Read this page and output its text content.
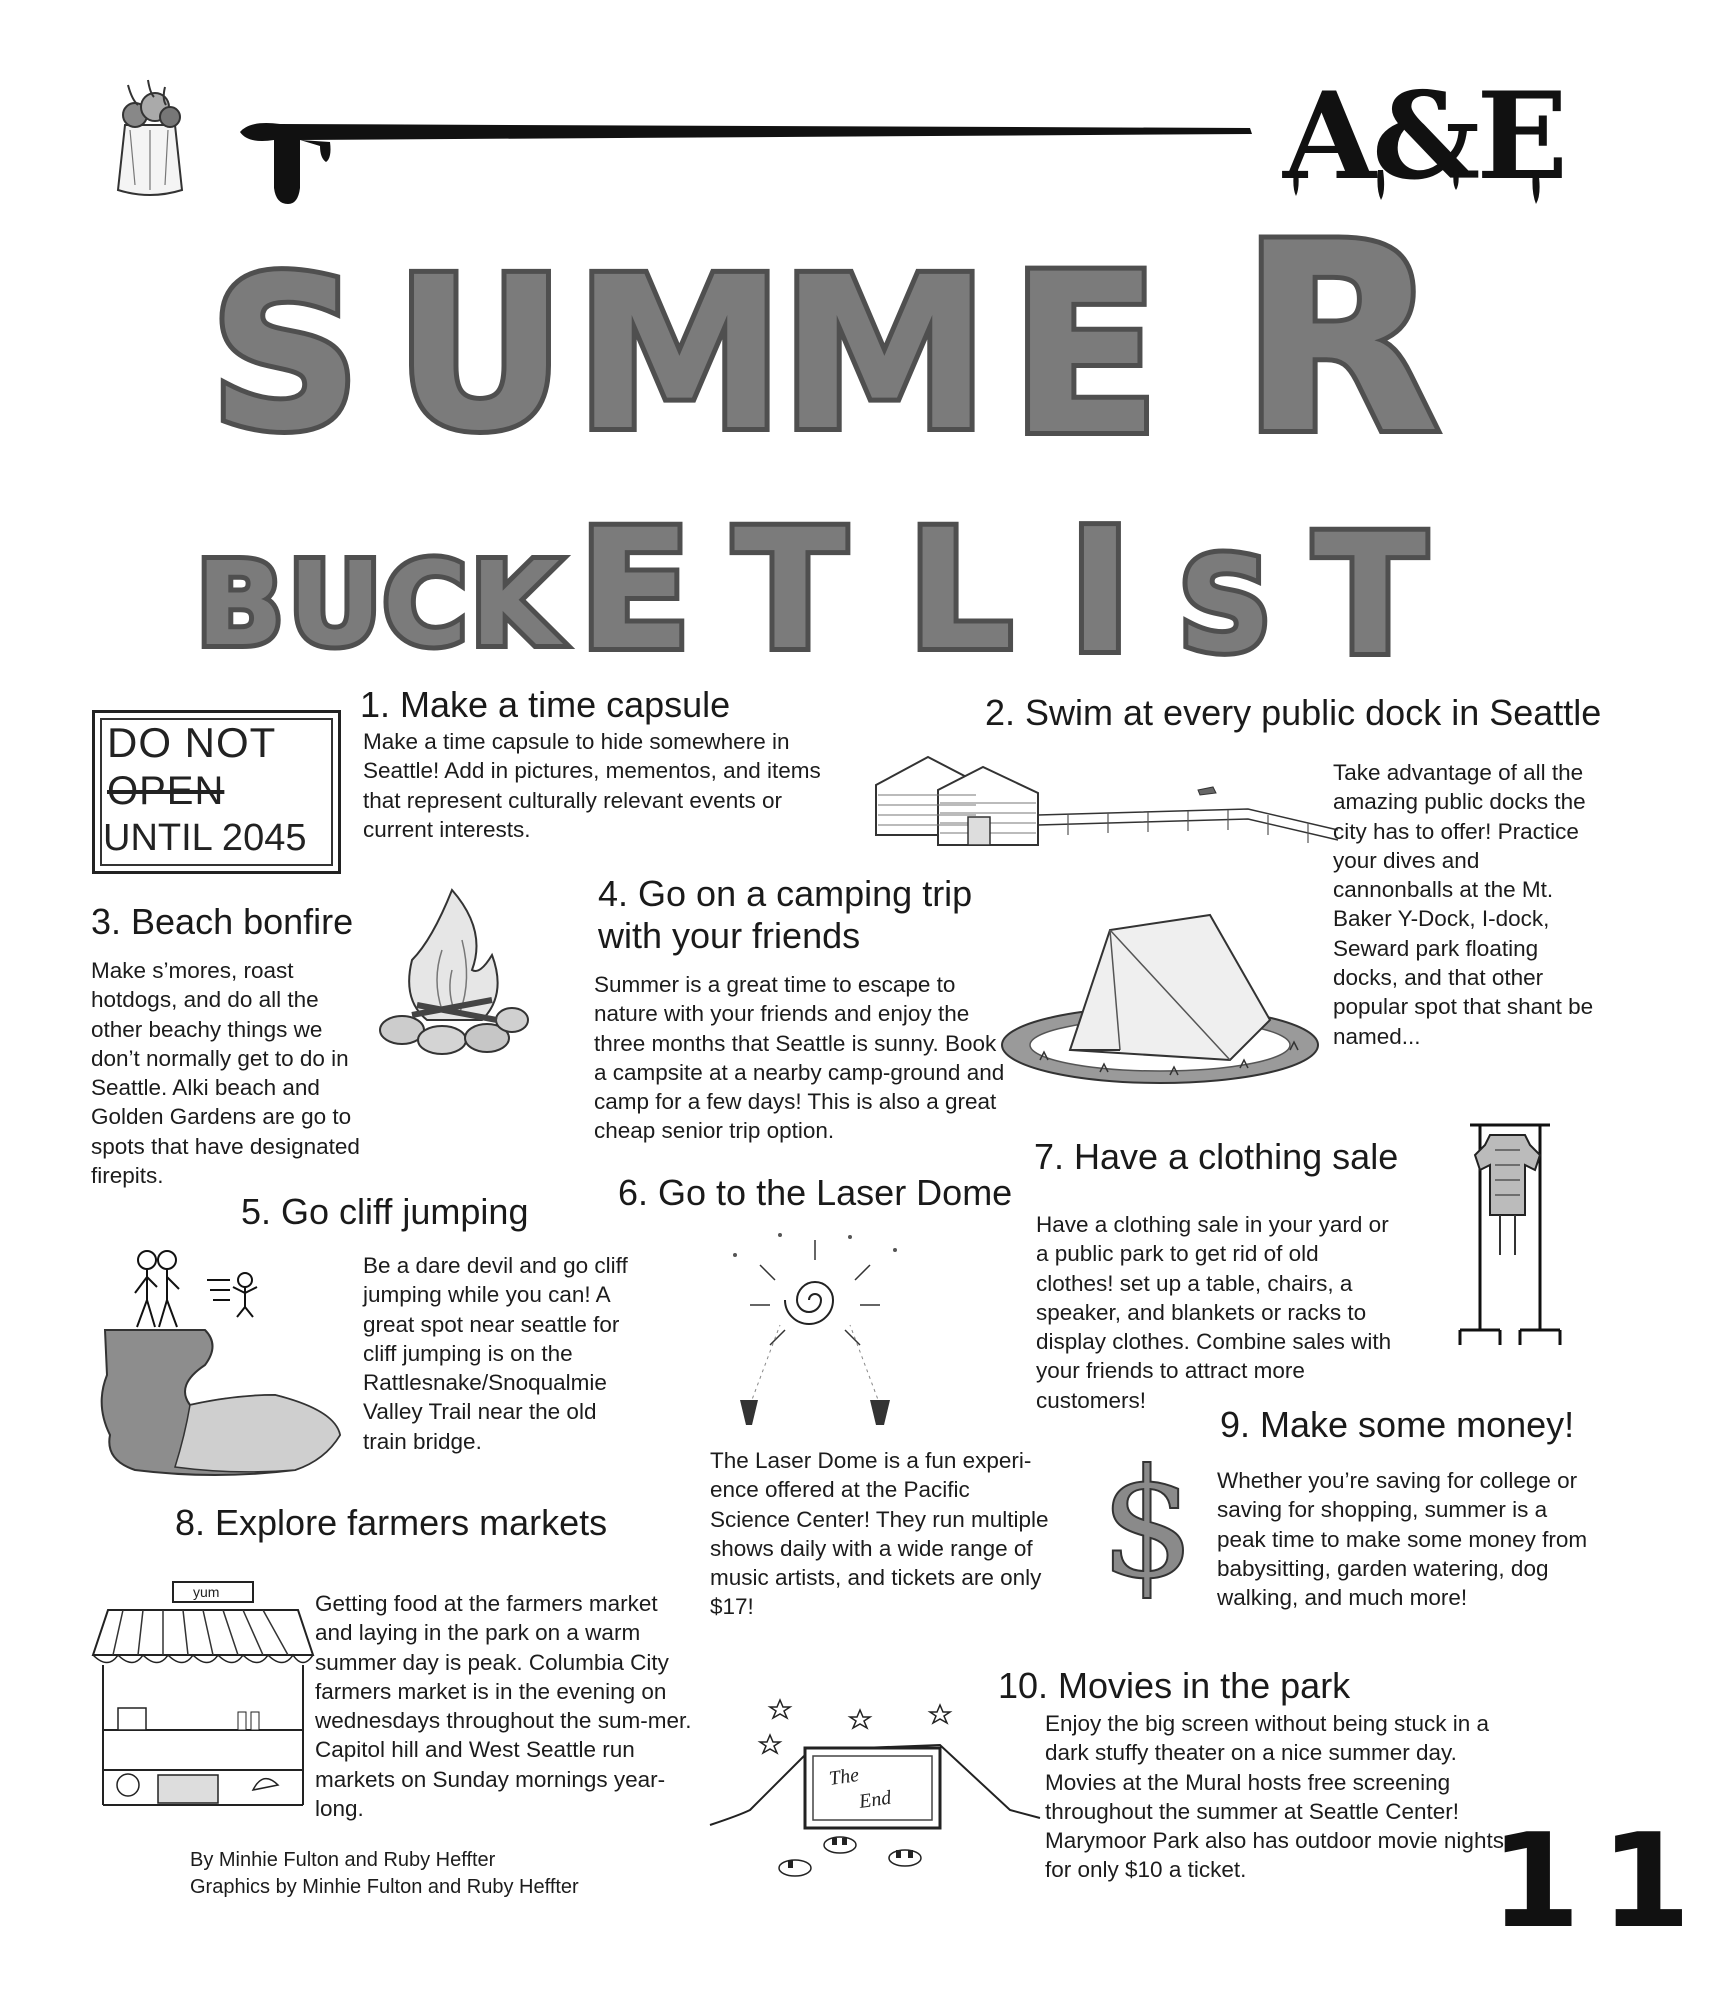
A&E
S U M
M E R
B U C K E T L I S T
DO NOT
OPEN
UNTIL 2045
1. Make a time capsule
Make a time capsule to hide somewhere in Seattle! Add in pictures, mementos, and items that represent culturally relevant events or current interests.
2. Swim at every public dock in Seattle
Take advantage of all the amazing public docks the city has to offer! Practice your dives and cannonballs at the Mt. Baker Y-Dock, I-dock, Seward park floating docks, and that other popular spot that shant be named...
3. Beach bonfire
Make s’mores, roast hotdogs, and do all the other beachy things we don’t normally get to do in Seattle. Alki beach and Golden Gardens are go to spots that have designated firepits.
4. Go on a camping trip with your friends
Summer is a great time to escape to nature with your friends and enjoy the three months that Seattle is sunny. Book a campsite at a nearby camp-ground and camp for a few days! This is also a great cheap senior trip option.
5. Go cliff jumping
Be a dare devil and go cliff jumping while you can! A great spot near seattle for cliff jumping is on the Rattlesnake/Snoqualmie Valley Trail near the old train bridge.
6. Go to the Laser Dome
The Laser Dome is a fun experi-ence offered at the Pacific Science Center! They run multiple shows daily with a wide range of music artists, and tickets are only $17!
7. Have a clothing sale
Have a clothing sale in your yard or a public park to get rid of old clothes! set up a table, chairs, a speaker, and blankets or racks to display clothes. Combine sales with your friends to attract more customers!
8. Explore farmers markets
yum	Getting food at the farmers market and laying in the park on a warm summer day is peak. Columbia City farmers market is in the evening on wednesdays throughout the sum-mer. Capitol hill and West Seattle run markets on Sunday mornings year-long.
9. Make some money!
$ Whether you’re saving for college or saving for shopping, summer is a peak time to make some money from babysitting, garden watering, dog walking, and much more!
The
End
10. Movies in the park
Enjoy the big screen without being stuck in a dark stuffy theater on a nice summer day. Movies at the Mural hosts free screening throughout the summer at Seattle Center! Marymoor Park also has outdoor movie nights for only $10 a ticket.
By Minhie Fulton and Ruby Heffter
Graphics by Minhie Fulton and Ruby Heffter	11
